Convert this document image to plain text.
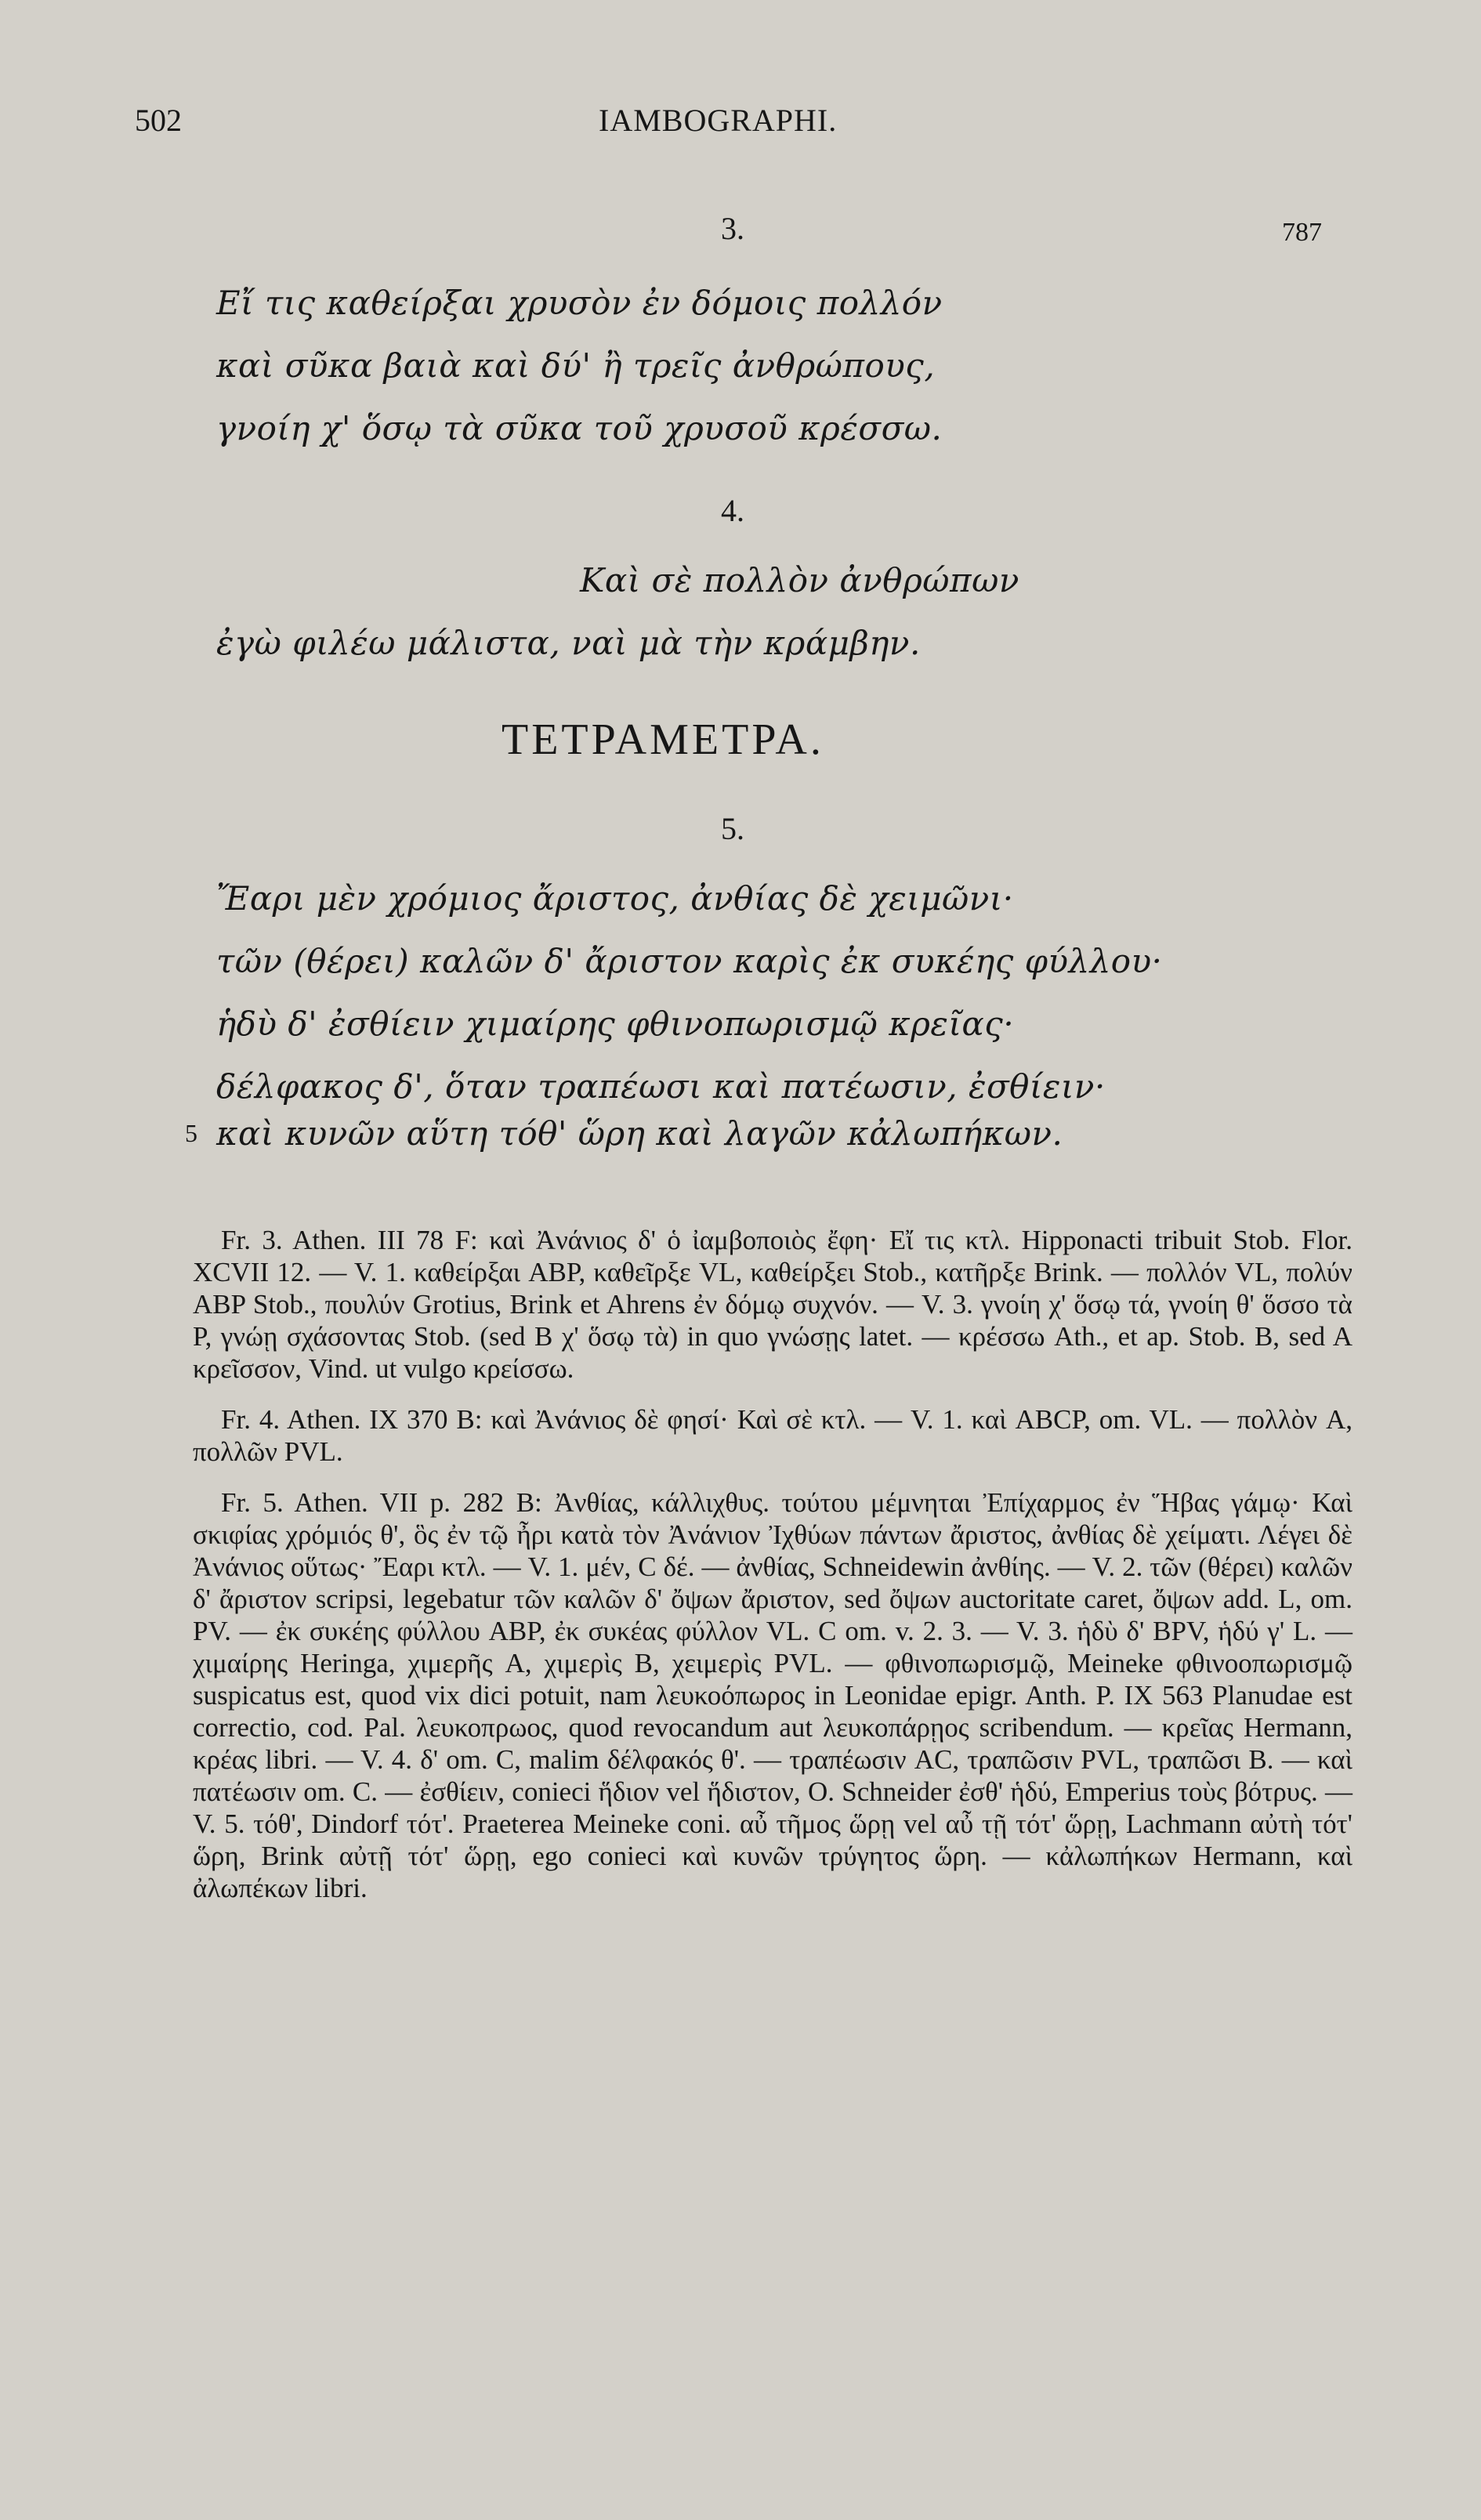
502	IAMBOGRAPHI.
787
3.
Εἴ τις καθείρξαι χρυσὸν ἐν δόμοις πολλόν
καὶ σῦκα βαιὰ καὶ δύ' ἢ τρεῖς ἀνθρώπους,
γνοίη χ' ὅσῳ τὰ σῦκα τοῦ χρυσοῦ κρέσσω.
4.
Καὶ σὲ πολλὸν ἀνθρώπων
ἐγὼ φιλέω μάλιστα, ναὶ μὰ τὴν κράμβην.
ΤΕΤΡΑΜΕΤΡΑ.
5.
Ἔαρι μὲν χρόμιος ἄριστος, ἀνθίας δὲ χειμῶνι·
τῶν (θέρει) καλῶν δ' ἄριστον καρὶς ἐκ συκέης φύλλου·
ἡδὺ δ' ἐσθίειν χιμαίρης φθινοπωρισμῷ κρεῖας·
δέλφακος δ', ὅταν τραπέωσι καὶ πατέωσιν, ἐσθίειν·
5 καὶ κυνῶν αὕτη τόθ' ὥρη καὶ λαγῶν κἀλωπήκων.

Fr. 3. Athen. III 78 F: καὶ Ἀνάνιος δ' ὁ ἰαμβοποιὸς ἔφη· Εἴ τις κτλ. Hipponacti tribuit Stob. Flor. XCVII 12. — V. 1. καθείρξαι ABP, καθεῖρξε VL, καθείρξει Stob., κατῆρξε Brink. — πολλόν VL, πολύν ABP Stob., πουλύν Grotius, Brink et Ahrens ἐν δόμῳ συχνόν. — V. 3. γνοίη χ' ὅσῳ τά, γνοίη θ' ὅσσο τὰ P, γνώῃ σχάσοντας Stob. (sed B χ' ὅσῳ τὰ) in quo γνώσῃς latet. — κρέσσω Ath., et ap. Stob. B, sed A κρεῖσσον, Vind. ut vulgo κρείσσω.

Fr. 4. Athen. IX 370 B: καὶ Ἀνάνιος δὲ φησί· Καὶ σὲ κτλ. — V. 1. καὶ ABCP, om. VL. — πολλὸν A, πολλῶν PVL.

Fr. 5. Athen. VII p. 282 B: Ἀνθίας, κάλλιχθυς. τούτου μέμνηται Ἐπίχαρμος ἐν Ἥβας γάμῳ· Καὶ σκιφίας χρόμιός θ', ὃς ἐν τῷ ἦρι κατὰ τὸν Ἀνάνιον Ἰχθύων πάντων ἄριστος, ἀνθίας δὲ χείματι. Λέγει δὲ Ἀνάνιος οὕτως· Ἔαρι κτλ. — V. 1. μέν, C δέ. — ἀνθίας, Schneidewin ἀνθίης. — V. 2. τῶν (θέρει) καλῶν δ' ἄριστον scripsi, legebatur τῶν καλῶν δ' ὄψων ἄριστον, sed ὄψων auctoritate caret, ὄψων add. L, om. PV. — ἐκ συκέης φύλλου ABP, ἐκ συκέας φύλλον VL. C om. v. 2. 3. — V. 3. ἡδὺ δ' BPV, ἡδύ γ' L. — χιμαίρης Heringa, χιμερῆς A, χιμερὶς B, χειμερὶς PVL. — φθινοπωρισμῷ, Meineke φθινοοπωρισμῷ suspicatus est, quod vix dici potuit, nam λευκοόπωρος in Leonidae epigr. Anth. P. IX 563 Planudae est correctio, cod. Pal. λευκοπρωος, quod revocandum aut λευκοπάρῃος scribendum. — κρεῖας Hermann, κρέας libri. — V. 4. δ' om. C, malim δέλφακός θ'. — τραπέωσιν AC, τραπῶσιν PVL, τραπῶσι B. — καὶ πατέωσιν om. C. — ἐσθίειν, conieci ἥδιον vel ἥδιστον, O. Schneider ἐσθ' ἡδύ, Emperius τοὺς βότρυς. — V. 5. τόθ', Dindorf τότ'. Praeterea Meineke coni. αὖ τῆμος ὥρῃ vel αὖ τῇ τότ' ὥρῃ, Lachmann αὐτὴ τότ' ὥρη, Brink αὐτῇ τότ' ὥρῃ, ego conieci καὶ κυνῶν τρύγητος ὥρη. — κἀλωπήκων Hermann, καὶ ἀλωπέκων libri.
